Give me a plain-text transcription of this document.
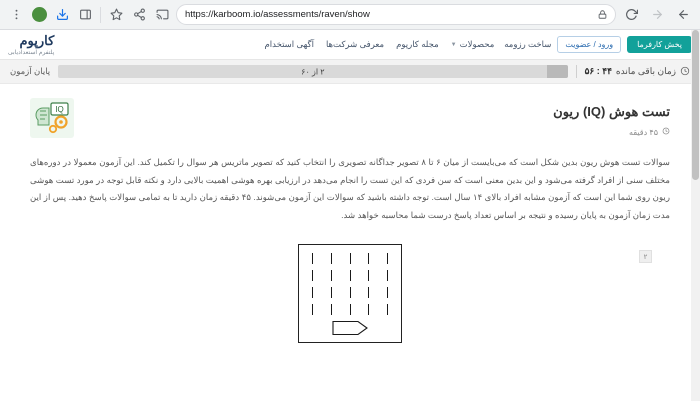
https://karboom.io/assessments/raven/show
پخش کارفرما
ورود / عضویت
ساخت رزومه
محصولات
▼
مجله کارپوم
معرفی شرکت‌ها
آگهی استخدام
كارپوم
پلتفرم استعدادیابی
زمان باقی مانده
۴۴ : ۵۶
۲ از ۶۰
پایان آزمون
تست هوش (IQ) ریون
۴۵ دقیقه
IQ
سوالات تست هوش ریون بدین شکل است که می‌بایست از میان ۶ تا ۸ تصویر جداگانه تصویری را انتخاب کنید که تصویر ماتریس هر سوال را تکمیل کند. این آزمون معمولا در دوره‌های مختلف سنی از افراد گرفته می‌شود و این بدین معنی است که سن فردی که این تست را انجام می‌دهد در ارزیابی بهره هوشی اهمیت بالایی دارد و نکته قابل توجه در مورد تست هوشی ریون روی شما این است که آزمون مشابه افراد بالای ۱۴ سال است. توجه داشته باشید که سوالات این آزمون می‌شوند. ۴۵ دقیقه زمان دارید تا به تمامی سوالات پاسخ دهید. پس از این مدت زمان آزمون به پایان رسیده و نتیجه بر اساس تعداد پاسخ درست شما محاسبه خواهد شد.
۲
